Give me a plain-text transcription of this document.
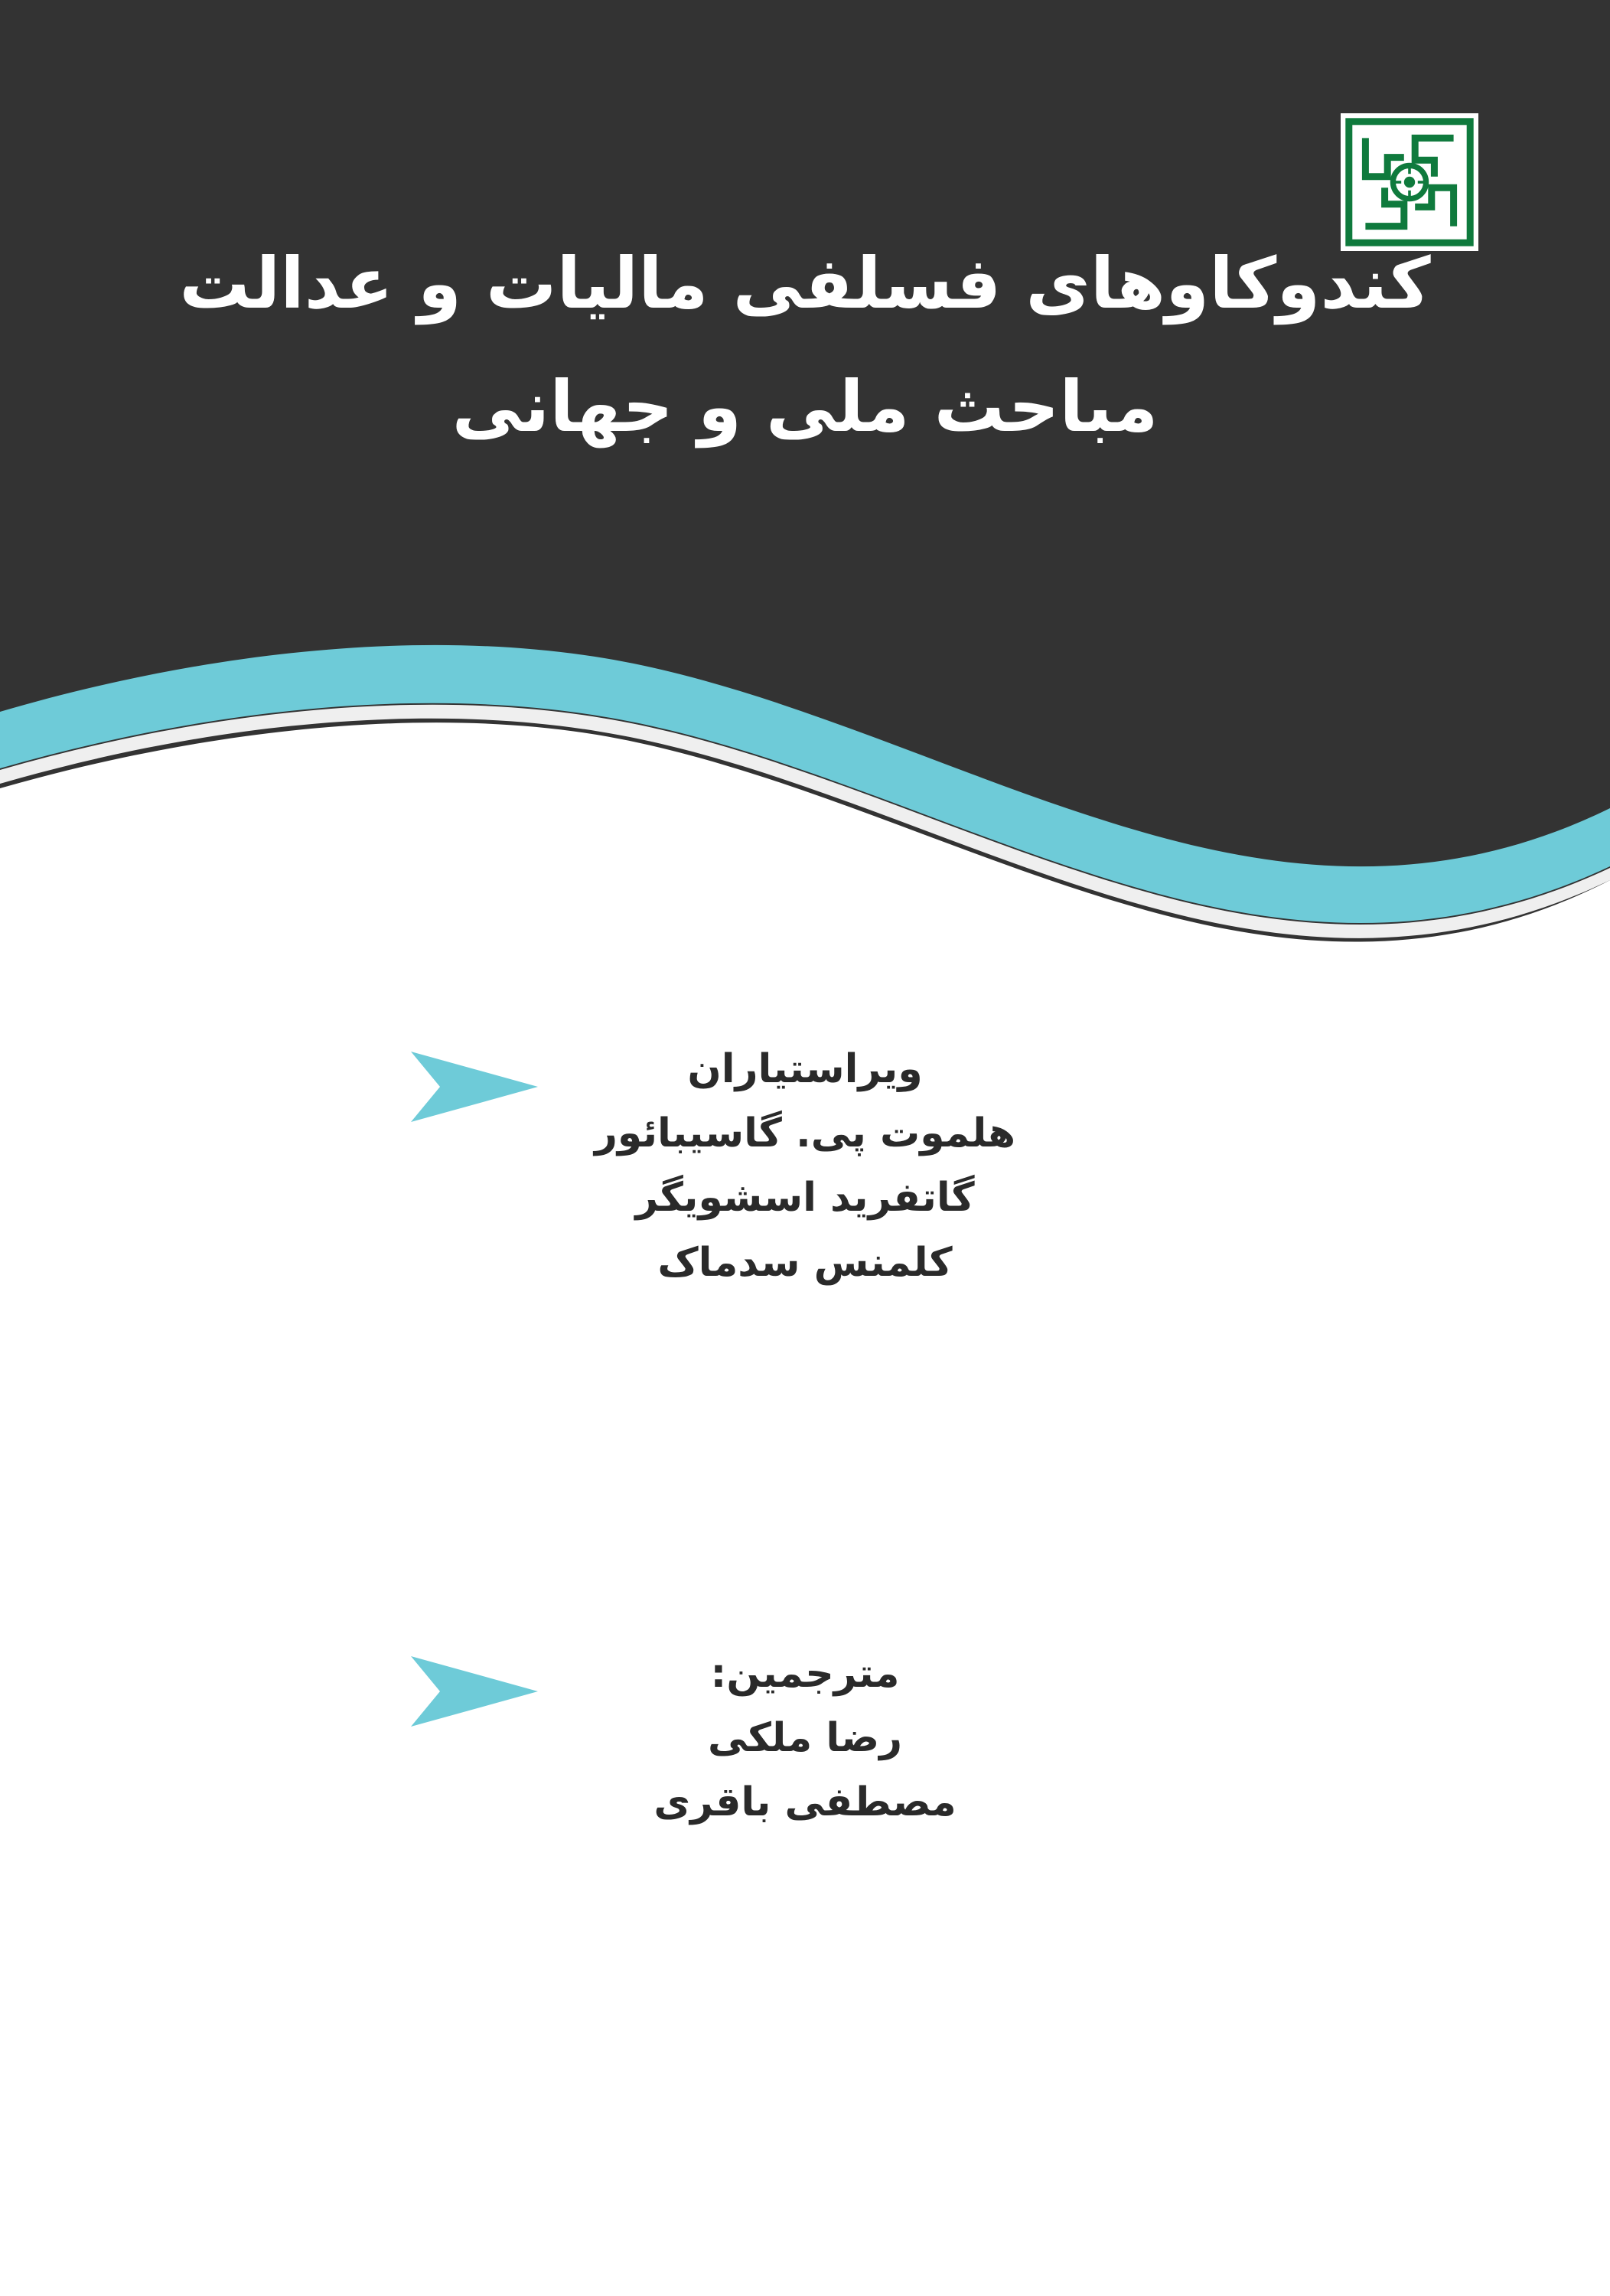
کندوکاوهای فسلفی مالیات و عدالت
مباحث ملی و جهانی
ویراستیاران
هلموت پی. گاسیبائور
گاتفرید اسشویگر
کلمنس سدماک
مترجمین:
رضا ملکی
مصطفی باقری
